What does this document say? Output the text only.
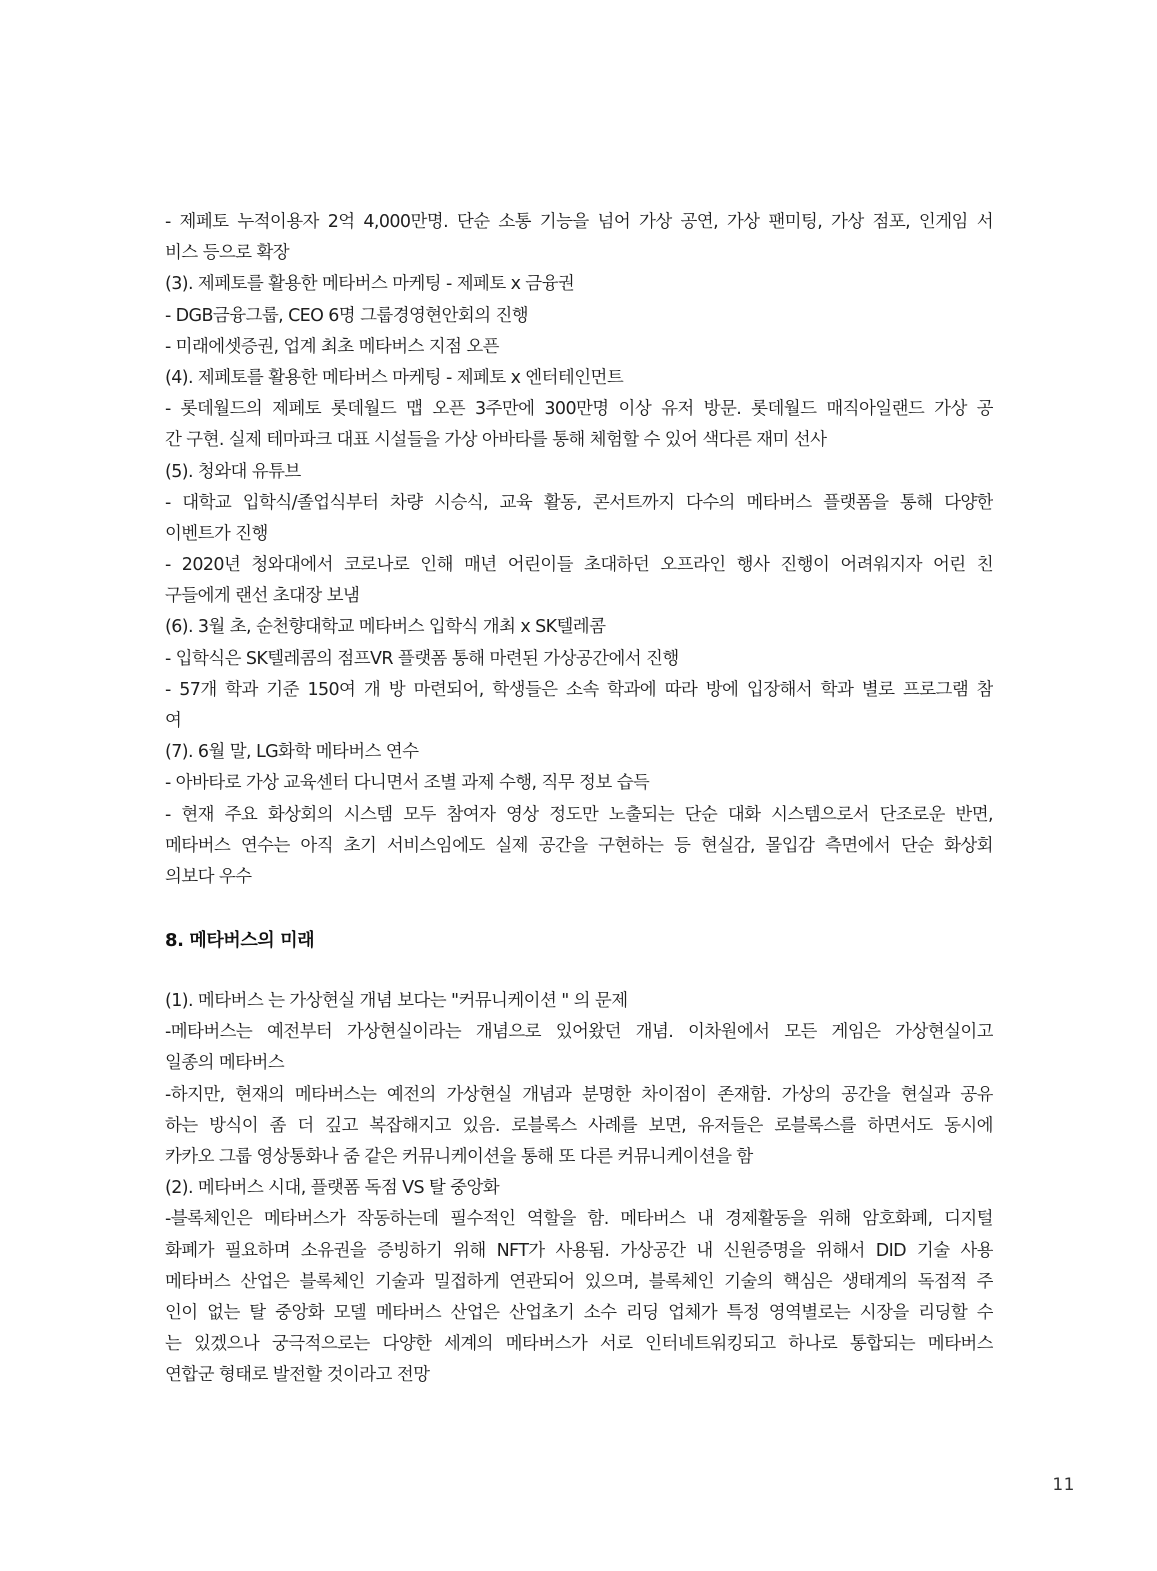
- 제페토 누적이용자 2억 4,000만명. 단순 소통 기능을 넘어 가상 공연, 가상 팬미팅, 가상 점포, 인게임 서
비스 등으로 확장
(3). 제페토를 활용한 메타버스 마케팅 - 제페토 x 금융권
- DGB금융그룹, CEO 6명 그룹경영현안회의 진행
- 미래에셋증권, 업계 최초 메타버스 지점 오픈
(4). 제페토를 활용한 메타버스 마케팅 - 제페토 x 엔터테인먼트
- 롯데월드의 제페토 롯데월드 맵 오픈 3주만에 300만명 이상 유저 방문. 롯데월드 매직아일랜드 가상 공
간 구현. 실제 테마파크 대표 시설들을 가상 아바타를 통해 체험할 수 있어 색다른 재미 선사
(5). 청와대 유튜브
- 대학교 입학식/졸업식부터 차량 시승식, 교육 활동, 콘서트까지 다수의 메타버스 플랫폼을 통해 다양한
이벤트가 진행
- 2020년 청와대에서 코로나로 인해 매년 어린이들 초대하던 오프라인 행사 진행이 어려워지자 어린 친
구들에게 랜선 초대장 보냄
(6). 3월 초, 순천향대학교 메타버스 입학식 개최 x SK텔레콤
- 입학식은 SK텔레콤의 점프VR 플랫폼 통해 마련된 가상공간에서 진행
- 57개 학과 기준 150여 개 방 마련되어, 학생들은 소속 학과에 따라 방에 입장해서 학과 별로 프로그램 참
여
(7). 6월 말, LG화학 메타버스 연수
- 아바타로 가상 교육센터 다니면서 조별 과제 수행, 직무 정보 습득
- 현재 주요 화상회의 시스템 모두 참여자 영상 정도만 노출되는 단순 대화 시스템으로서 단조로운 반면,
메타버스 연수는 아직 초기 서비스임에도 실제 공간을 구현하는 등 현실감, 몰입감 측면에서 단순 화상회
의보다 우수
8. 메타버스의 미래
(1). 메타버스 는 가상현실 개념 보다는 "커뮤니케이션 " 의 문제
-메타버스는 예전부터 가상현실이라는 개념으로 있어왔던 개념. 이차원에서 모든 게임은 가상현실이고
일종의 메타버스
-하지만, 현재의 메타버스는 예전의 가상현실 개념과 분명한 차이점이 존재함. 가상의 공간을 현실과 공유
하는 방식이 좀 더 깊고 복잡해지고 있음. 로블록스 사례를 보면, 유저들은 로블록스를 하면서도 동시에
카카오 그룹 영상통화나 줌 같은 커뮤니케이션을 통해 또 다른 커뮤니케이션을 함
(2). 메타버스 시대, 플랫폼 독점 VS 탈 중앙화
-블록체인은 메타버스가 작동하는데 필수적인 역할을 함. 메타버스 내 경제활동을 위해 암호화폐, 디지털
화폐가 필요하며 소유권을 증빙하기 위해 NFT가 사용됨. 가상공간 내 신원증명을 위해서 DID 기술 사용
메타버스 산업은 블록체인 기술과 밀접하게 연관되어 있으며, 블록체인 기술의 핵심은 생태계의 독점적 주
인이 없는 탈 중앙화 모델 메타버스 산업은 산업초기 소수 리딩 업체가 특정 영역별로는 시장을 리딩할 수
는 있겠으나 궁극적으로는 다양한 세계의 메타버스가 서로 인터네트워킹되고 하나로 통합되는 메타버스
연합군 형태로 발전할 것이라고 전망
11
